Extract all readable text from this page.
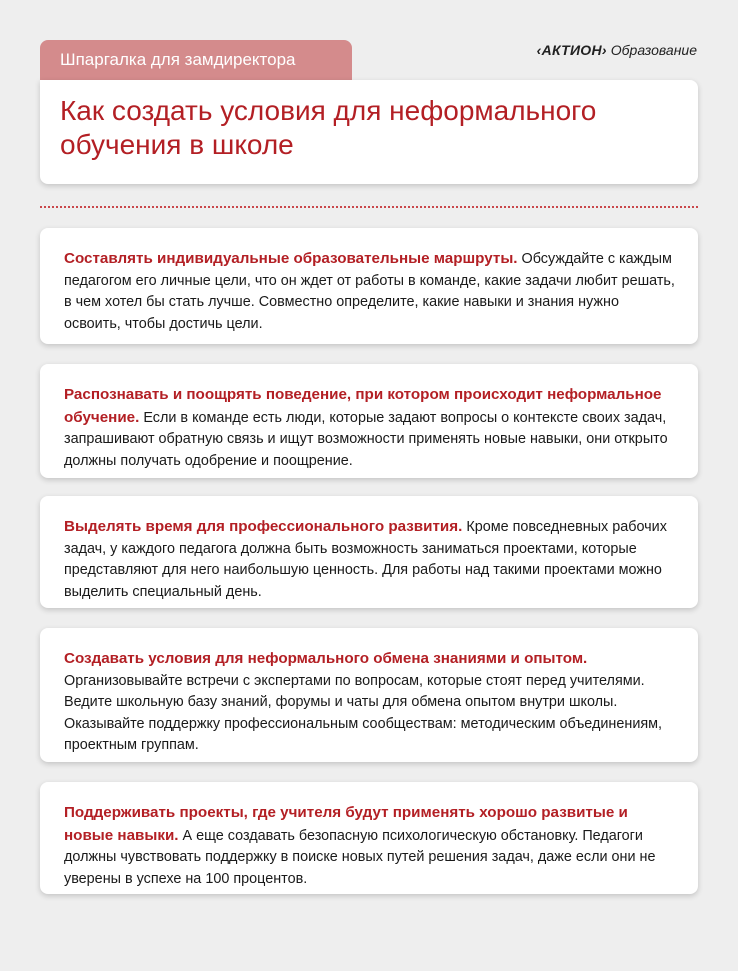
Шпаргалка для замдиректора	‹АКТИОН› Образование
Как создать условия для неформального обучения в школе
Составлять индивидуальные образовательные маршруты. Обсуждайте с каждым педагогом его личные цели, что он ждет от работы в команде, какие задачи любит решать, в чем хотел бы стать лучше. Совместно определите, какие навыки и знания нужно освоить, чтобы достичь цели.
Распознавать и поощрять поведение, при котором происходит неформальное обучение. Если в команде есть люди, которые задают вопросы о контексте своих задач, запрашивают обратную связь и ищут возможности применять новые навыки, они открыто должны получать одобрение и поощрение.
Выделять время для профессионального развития. Кроме повседневных рабочих задач, у каждого педагога должна быть возможность заниматься проектами, которые представляют для него наибольшую ценность. Для работы над такими проектами можно выделить специальный день.
Создавать условия для неформального обмена знаниями и опытом. Организовывайте встречи с экспертами по вопросам, которые стоят перед учителями. Ведите школьную базу знаний, форумы и чаты для обмена опытом внутри школы. Оказывайте поддержку профессиональным сообществам: методическим объединениям, проектным группам.
Поддерживать проекты, где учителя будут применять хорошо развитые и новые навыки. А еще создавать безопасную психологическую обстановку. Педагоги должны чувствовать поддержку в поиске новых путей решения задач, даже если они не уверены в успехе на 100 процентов.
